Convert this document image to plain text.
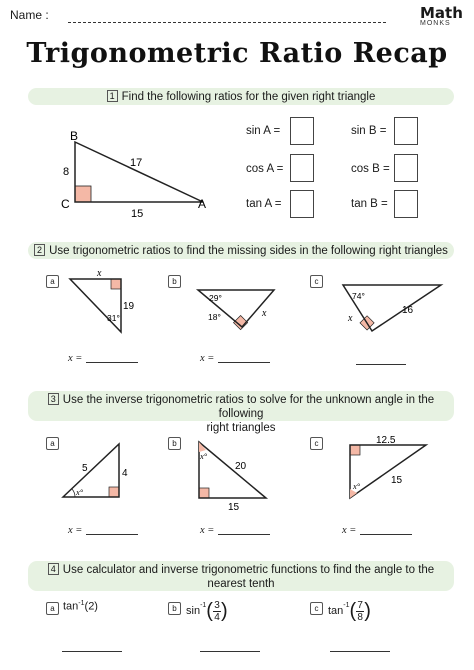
Name :	Math
MONKS
Trigonometric Ratio Recap
1 Find the following ratios for the given right triangle
B
C	A
8
17
15
sin A =
cos A =
tan A =
sin B =
cos B =
tan B =
2 Use trigonometric ratios to find the missing sides in the following right triangles
a
x
19
31°
x =
b
29°
18°	x
x =
c
74°
16
x
3 Use the inverse trigonometric ratios to solve for the unknown angle in the following
right triangles
a
5	4
x°
x =
b
x°
20
15
x =
c	12.5
15
x°
x =
4 Use calculator and inverse trigonometric functions to find the angle to the
nearest tenth
a $\tan^{-1}(2)$	b $\sin^{-1}$ ( 3
4 )	c $\tan^{-1}$ ( 7
8 )
